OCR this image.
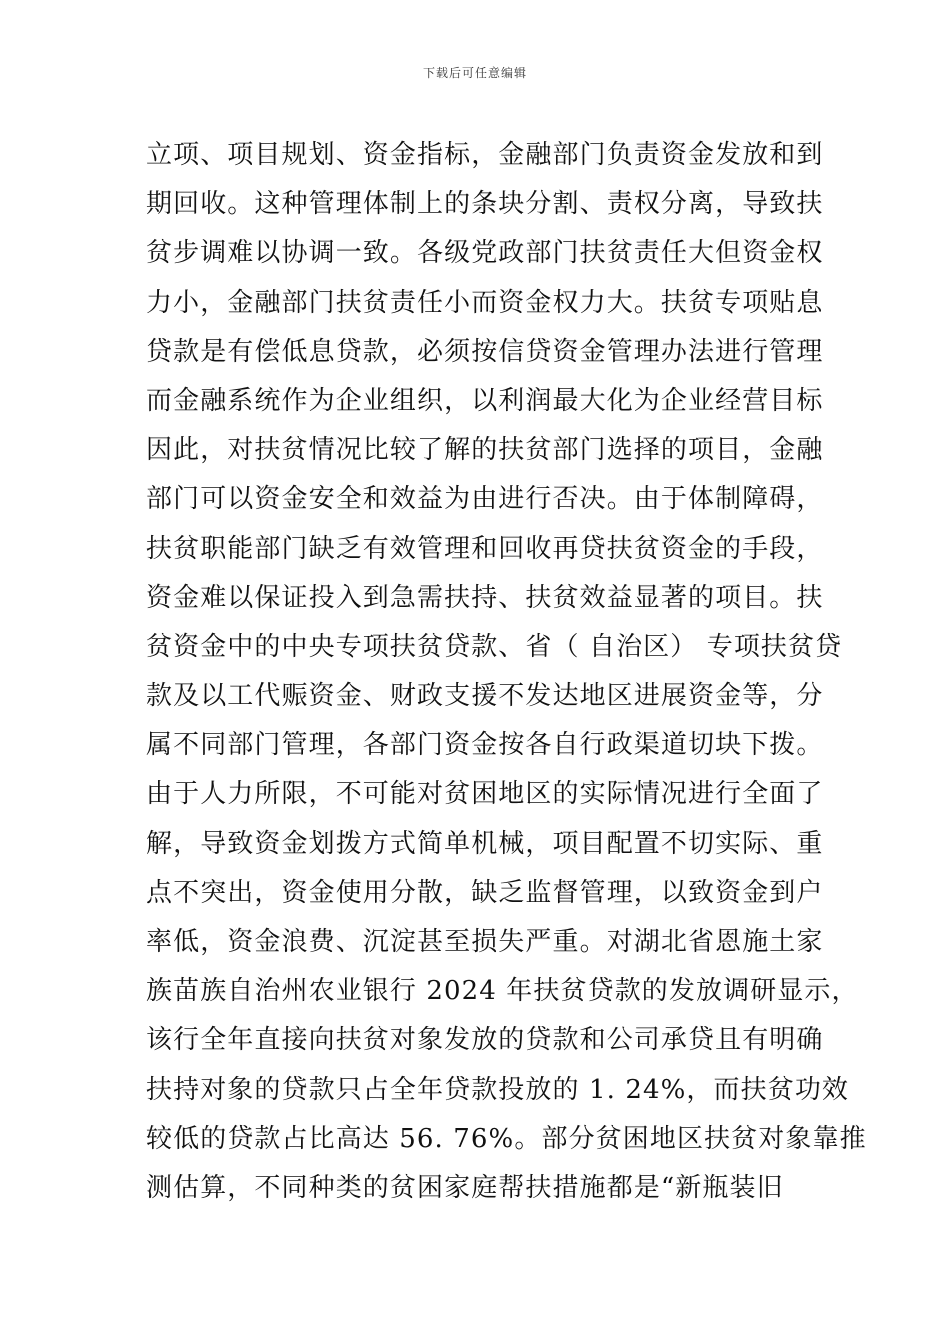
下载后可任意编辑
立项、项目规划、资金指标，金融部门负责资金发放和到
期回收。这种管理体制上的条块分割、责权分离，导致扶
贫步调难以协调一致。各级党政部门扶贫责任大但资金权
力小，金融部门扶贫责任小而资金权力大。扶贫专项贴息
贷款是有偿低息贷款，必须按信贷资金管理办法进行管理
而金融系统作为企业组织，以利润最大化为企业经营目标
因此，对扶贫情况比较了解的扶贫部门选择的项目，金融
部门可以资金安全和效益为由进行否决。由于体制障碍，
扶贫职能部门缺乏有效管理和回收再贷扶贫资金的手段，
资金难以保证投入到急需扶持、扶贫效益显著的项目。扶
贫资金中的中央专项扶贫贷款、省（ 自治区） 专项扶贫贷
款及以工代赈资金、财政支援不发达地区进展资金等，分
属不同部门管理，各部门资金按各自行政渠道切块下拨。
由于人力所限，不可能对贫困地区的实际情况进行全面了
解，导致资金划拨方式简单机械，项目配置不切实际、重
点不突出，资金使用分散，缺乏监督管理，以致资金到户
率低，资金浪费、沉淀甚至损失严重。对湖北省恩施土家
族苗族自治州农业银行 2024 年扶贫贷款的发放调研显示，
该行全年直接向扶贫对象发放的贷款和公司承贷且有明确
扶持对象的贷款只占全年贷款投放的 1. 24%，而扶贫功效
较低的贷款占比高达 56. 76%。部分贫困地区扶贫对象靠推
测估算，不同种类的贫困家庭帮扶措施都是“新瓶装旧
